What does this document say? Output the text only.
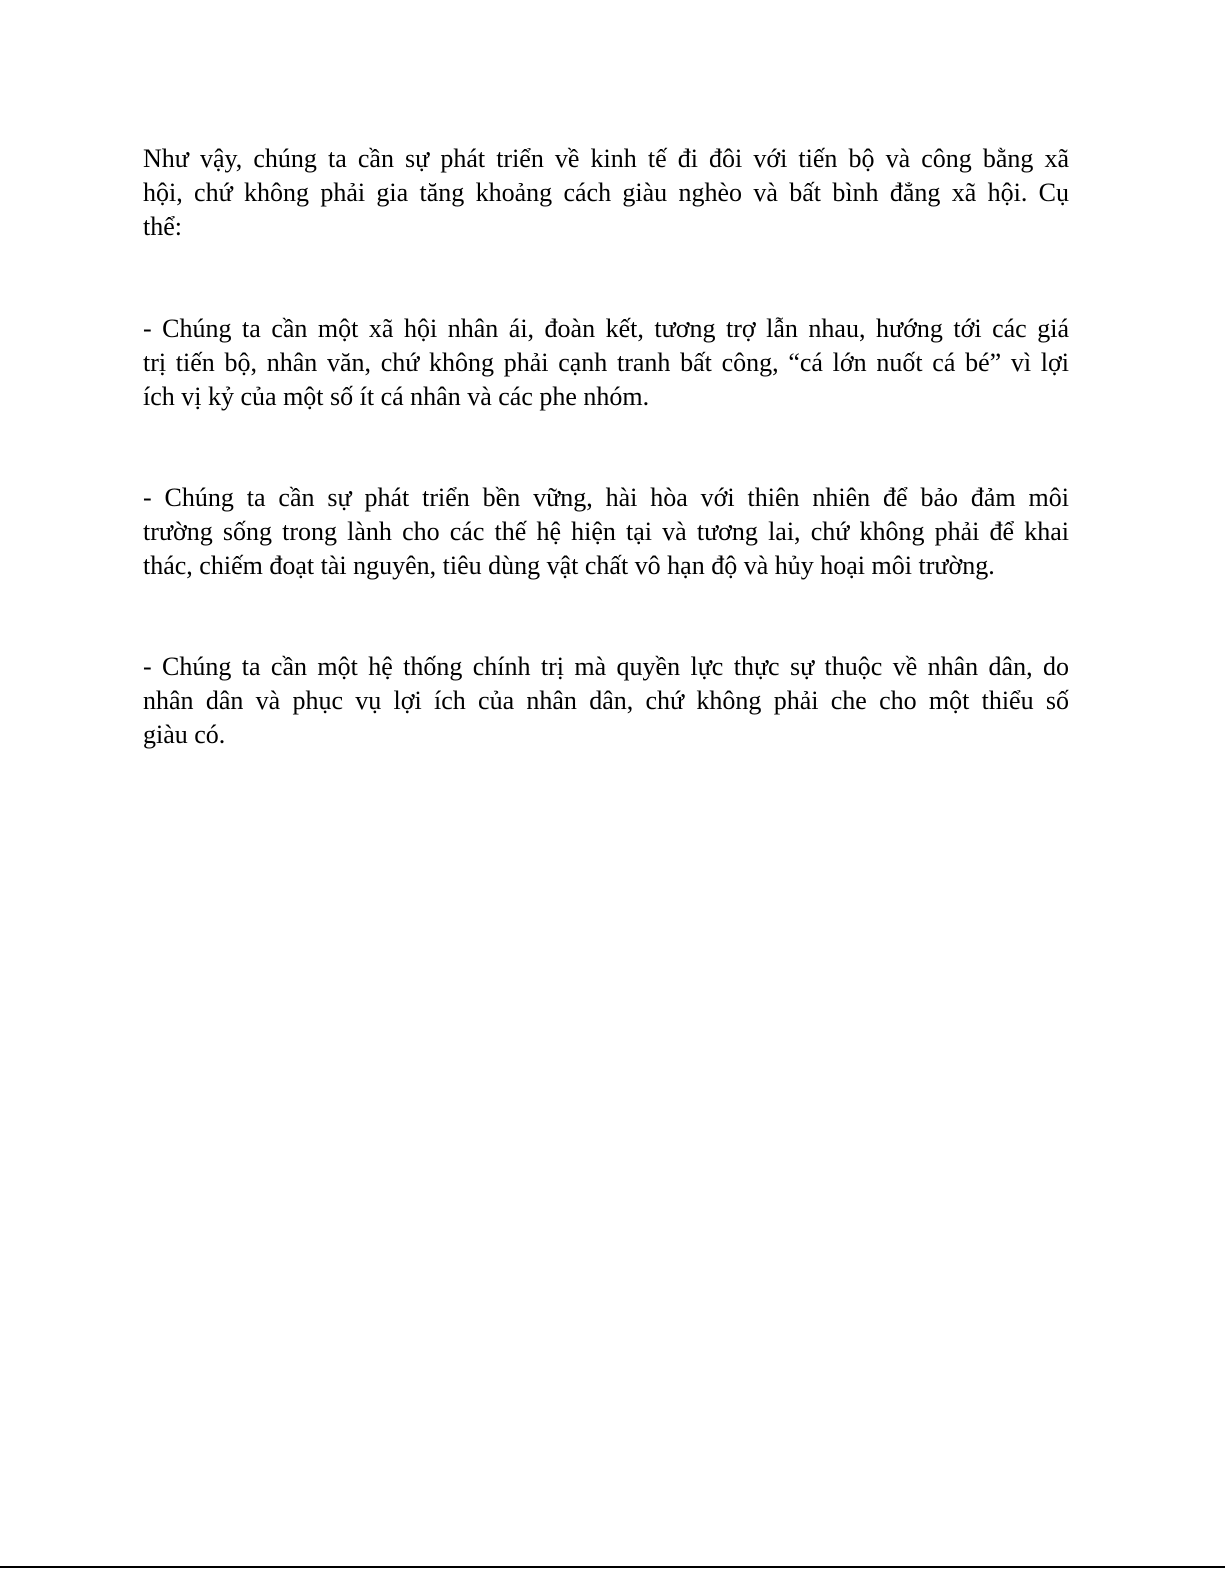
Như vậy, chúng ta cần sự phát triển về kinh tế đi đôi với tiến bộ và công bằng xã
hội, chứ không phải gia tăng khoảng cách giàu nghèo và bất bình đẳng xã hội. Cụ
thể:

- Chúng ta cần một xã hội nhân ái, đoàn kết, tương trợ lẫn nhau, hướng tới các giá
trị tiến bộ, nhân văn, chứ không phải cạnh tranh bất công, “cá lớn nuốt cá bé” vì lợi
ích vị kỷ của một số ít cá nhân và các phe nhóm.

- Chúng ta cần sự phát triển bền vững, hài hòa với thiên nhiên để bảo đảm môi
trường sống trong lành cho các thế hệ hiện tại và tương lai, chứ không phải để khai
thác, chiếm đoạt tài nguyên, tiêu dùng vật chất vô hạn độ và hủy hoại môi trường.

- Chúng ta cần một hệ thống chính trị mà quyền lực thực sự thuộc về nhân dân, do
nhân dân và phục vụ lợi ích của nhân dân, chứ không phải che cho một thiểu số
giàu có.
